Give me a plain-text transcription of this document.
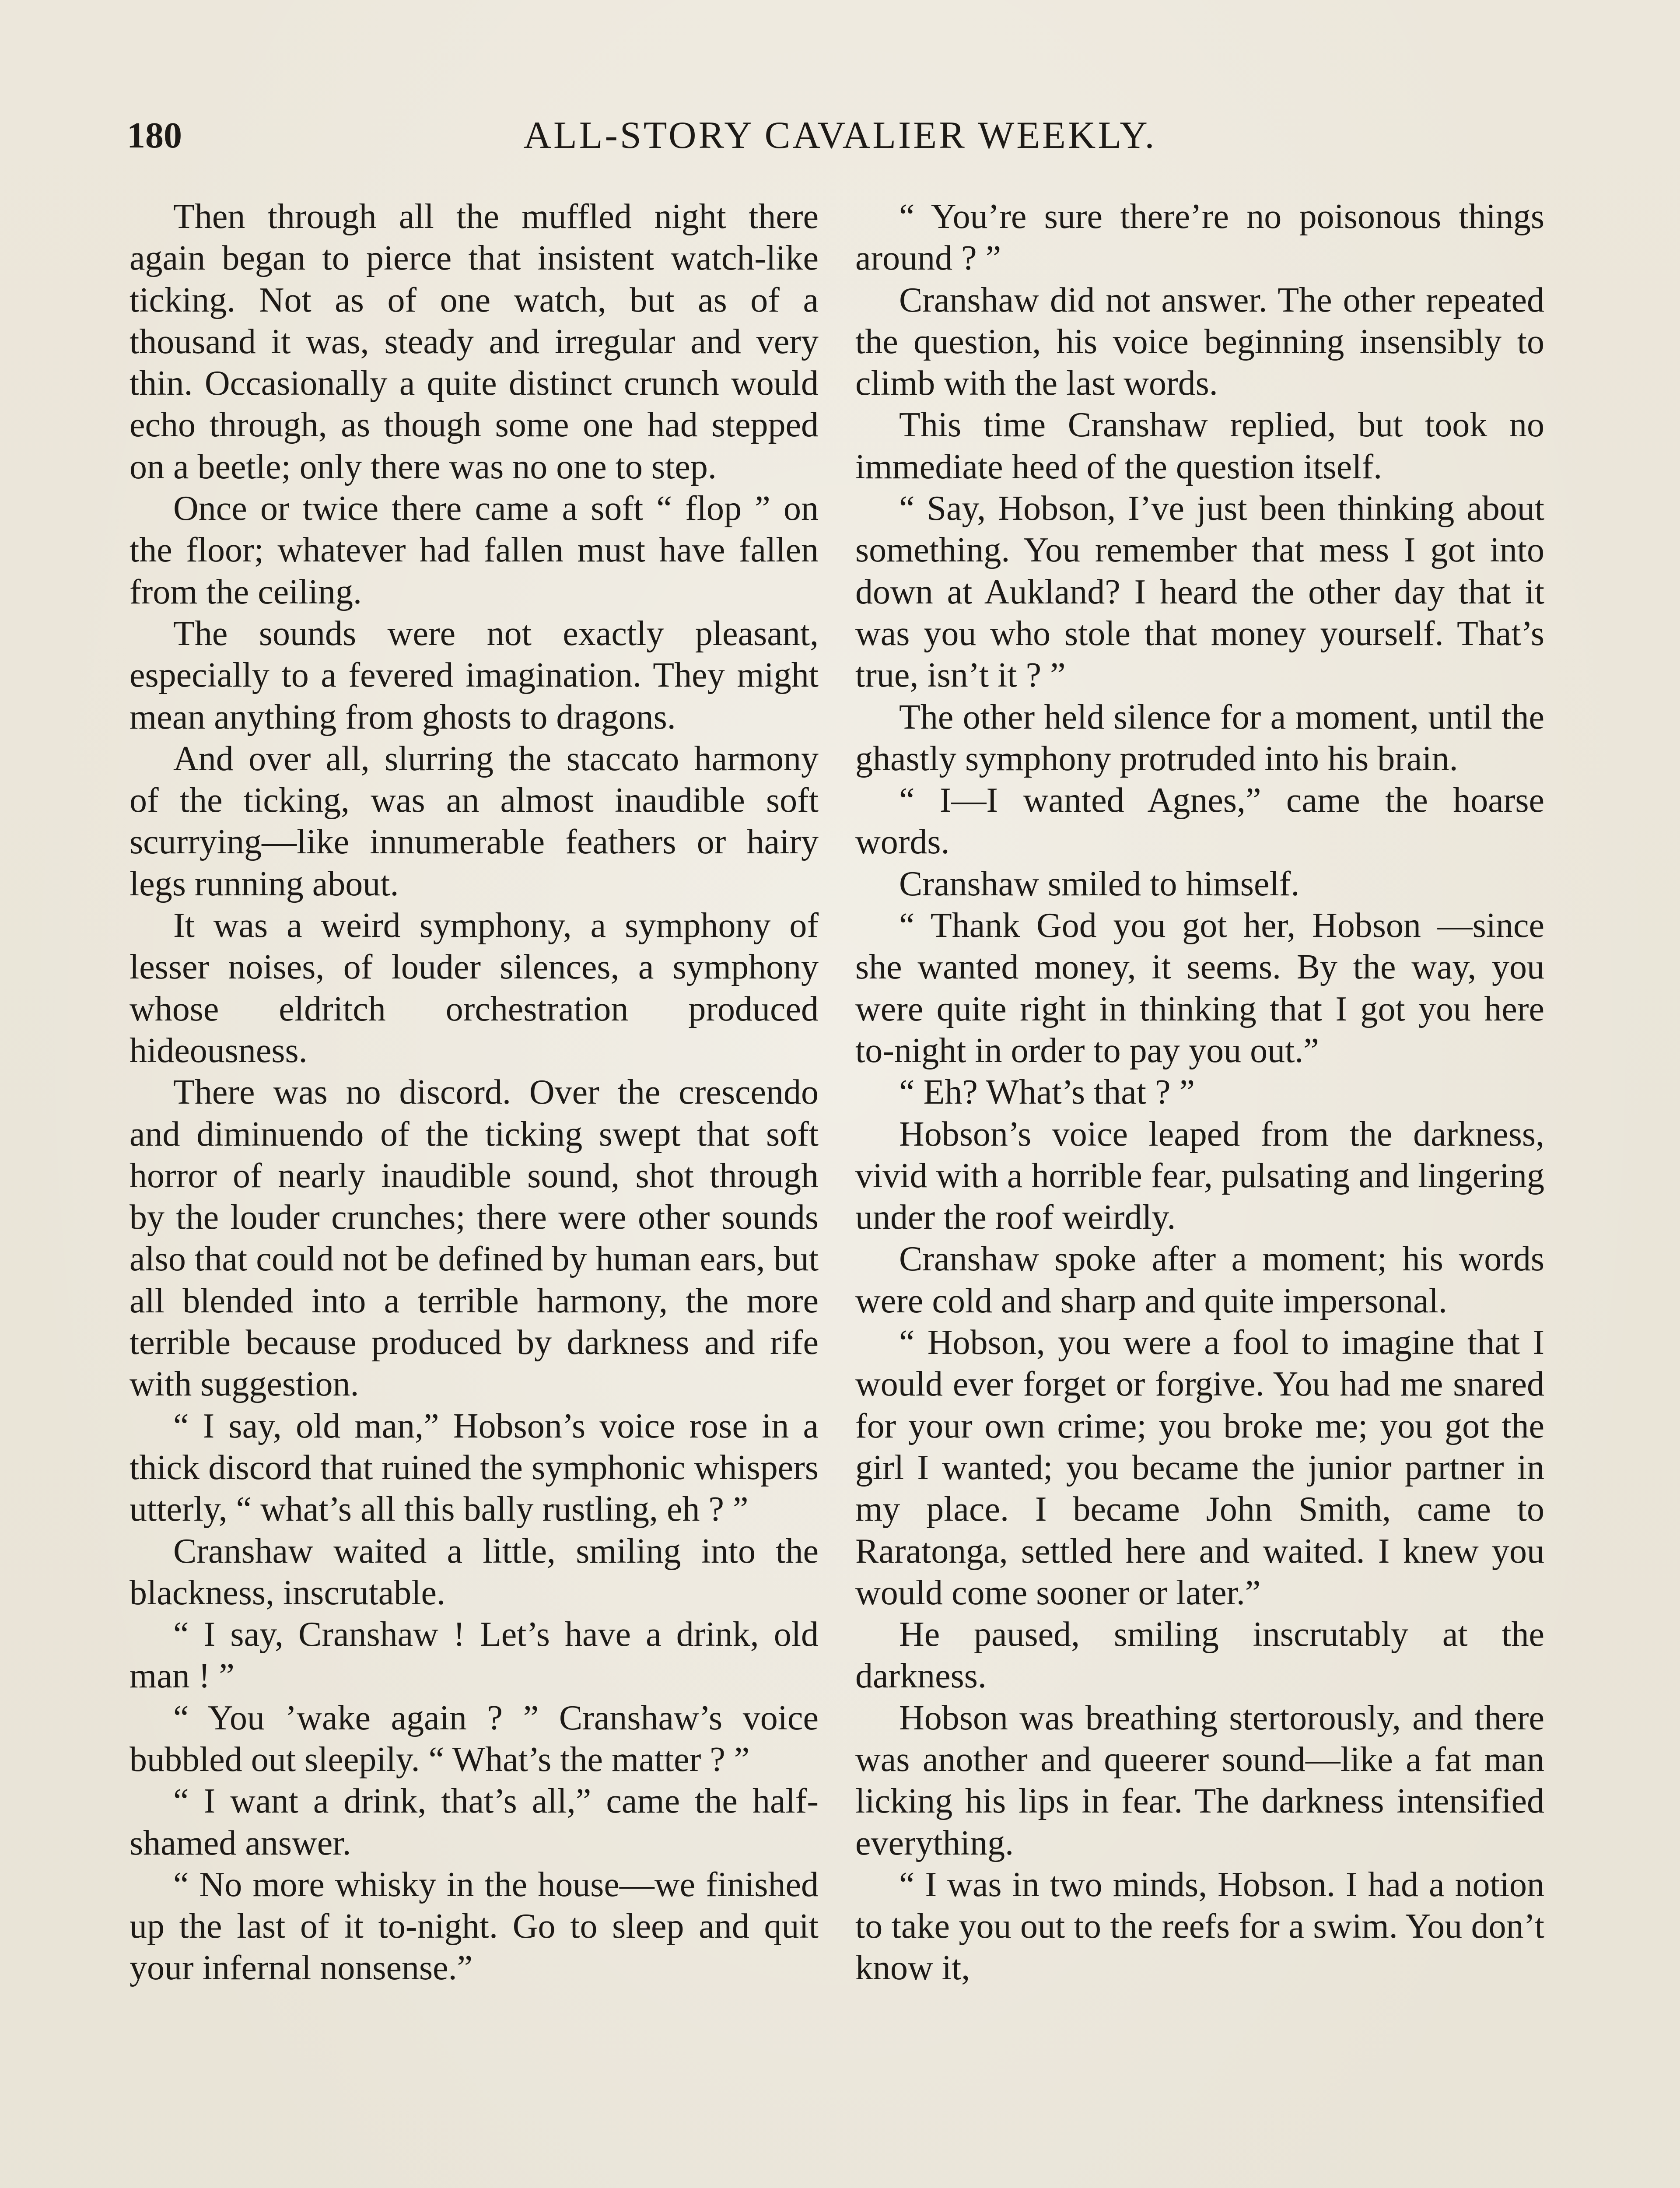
180	ALL-STORY CAVALIER WEEKLY.

Then through all the muffled night there again began to pierce that insistent watch-like ticking. Not as of one watch, but as of a thousand it was, steady and irregular and very thin. Occasionally a quite distinct crunch would echo through, as though some one had stepped on a beetle; only there was no one to step.

Once or twice there came a soft “ flop ” on the floor; whatever had fallen must have fallen from the ceiling.

The sounds were not exactly pleasant, especially to a fevered imagination. They might mean anything from ghosts to dragons.

And over all, slurring the staccato harmony of the ticking, was an almost inaudible soft scurrying—like innumerable feathers or hairy legs running about.

It was a weird symphony, a symphony of lesser noises, of louder silences, a symphony whose eldritch orchestration produced hideousness.

There was no discord. Over the crescendo and diminuendo of the ticking swept that soft horror of nearly inaudible sound, shot through by the louder crunches; there were other sounds also that could not be defined by human ears, but all blended into a terrible harmony, the more terrible because produced by darkness and rife with suggestion.

“ I say, old man,” Hobson’s voice rose in a thick discord that ruined the symphonic whispers utterly, “ what’s all this bally rustling, eh ? ”

Cranshaw waited a little, smiling into the blackness, inscrutable.

“ I say, Cranshaw ! Let’s have a drink, old man ! ”

“ You ’wake again ? ” Cranshaw’s voice bubbled out sleepily. “ What’s the matter ? ”

“ I want a drink, that’s all,” came the half-shamed answer.

“ No more whisky in the house—we finished up the last of it to-night. Go to sleep and quit your infernal nonsense.”

“ You’re sure there’re no poisonous things around ? ”

Cranshaw did not answer. The other repeated the question, his voice beginning insensibly to climb with the last words.

This time Cranshaw replied, but took no immediate heed of the question itself.

“ Say, Hobson, I’ve just been thinking about something. You remember that mess I got into down at Aukland? I heard the other day that it was you who stole that money yourself. That’s true, isn’t it ? ”

The other held silence for a moment, until the ghastly symphony protruded into his brain.

“ I—I wanted Agnes,” came the hoarse words.

Cranshaw smiled to himself.

“ Thank God you got her, Hobson —since she wanted money, it seems. By the way, you were quite right in thinking that I got you here to-night in order to pay you out.”

“ Eh? What’s that ? ”

Hobson’s voice leaped from the darkness, vivid with a horrible fear, pulsating and lingering under the roof weirdly.

Cranshaw spoke after a moment; his words were cold and sharp and quite impersonal.

“ Hobson, you were a fool to imagine that I would ever forget or forgive. You had me snared for your own crime; you broke me; you got the girl I wanted; you became the junior partner in my place. I became John Smith, came to Raratonga, settled here and waited. I knew you would come sooner or later.”

He paused, smiling inscrutably at the darkness.

Hobson was breathing stertorously, and there was another and queerer sound—like a fat man licking his lips in fear. The darkness intensified everything.

“ I was in two minds, Hobson. I had a notion to take you out to the reefs for a swim. You don’t know it,
